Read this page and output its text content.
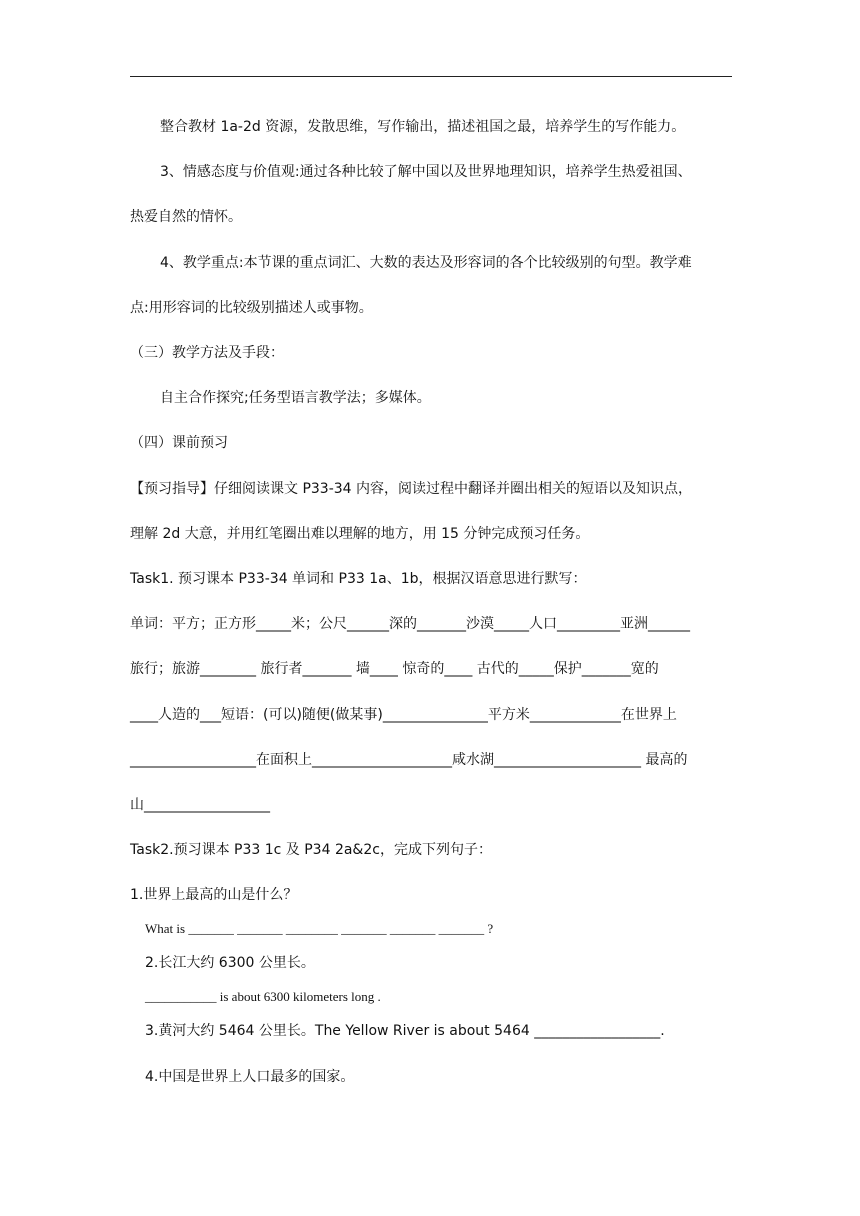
整合教材 1a-2d 资源，发散思维，写作输出，描述祖国之最，培养学生的写作能力。
3、情感态度与价值观:通过各种比较了解中国以及世界地理知识，培养学生热爱祖国、
热爱自然的情怀。
4、教学重点:本节课的重点词汇、大数的表达及形容词的各个比较级别的句型。教学难
点:用形容词的比较级别描述人或事物。
（三）教学方法及手段：
自主合作探究;任务型语言教学法；多媒体。
（四）课前预习
【预习指导】仔细阅读课文 P33-34 内容，阅读过程中翻译并圈出相关的短语以及知识点，
理解 2d 大意，并用红笔圈出难以理解的地方，用 15 分钟完成预习任务。
Task1. 预习课本 P33-34 单词和 P33 1a、1b，根据汉语意思进行默写：
单词：平方；正方形_____米；公尺______深的_______沙漠_____人口_________亚洲______
旅行；旅游________ 旅行者_______ 墙____ 惊奇的____ 古代的_____保护_______宽的
____人造的___短语：(可以)随便(做某事)_______________平方米_____________在世界上
__________________在面积上____________________咸水湖_____________________ 最高的
山__________________
Task2.预习课本 P33 1c 及 P34 2a&2c，完成下列句子：
1.世界上最高的山是什么？
What is _______ _______ ________ _______ _______ _______ ?
2.长江大约 6300 公里长。
___________ is about 6300 kilometers long .
3.黄河大约 5464 公里长。The Yellow River is about 5464 __________________.
4.中国是世界上人口最多的国家。
